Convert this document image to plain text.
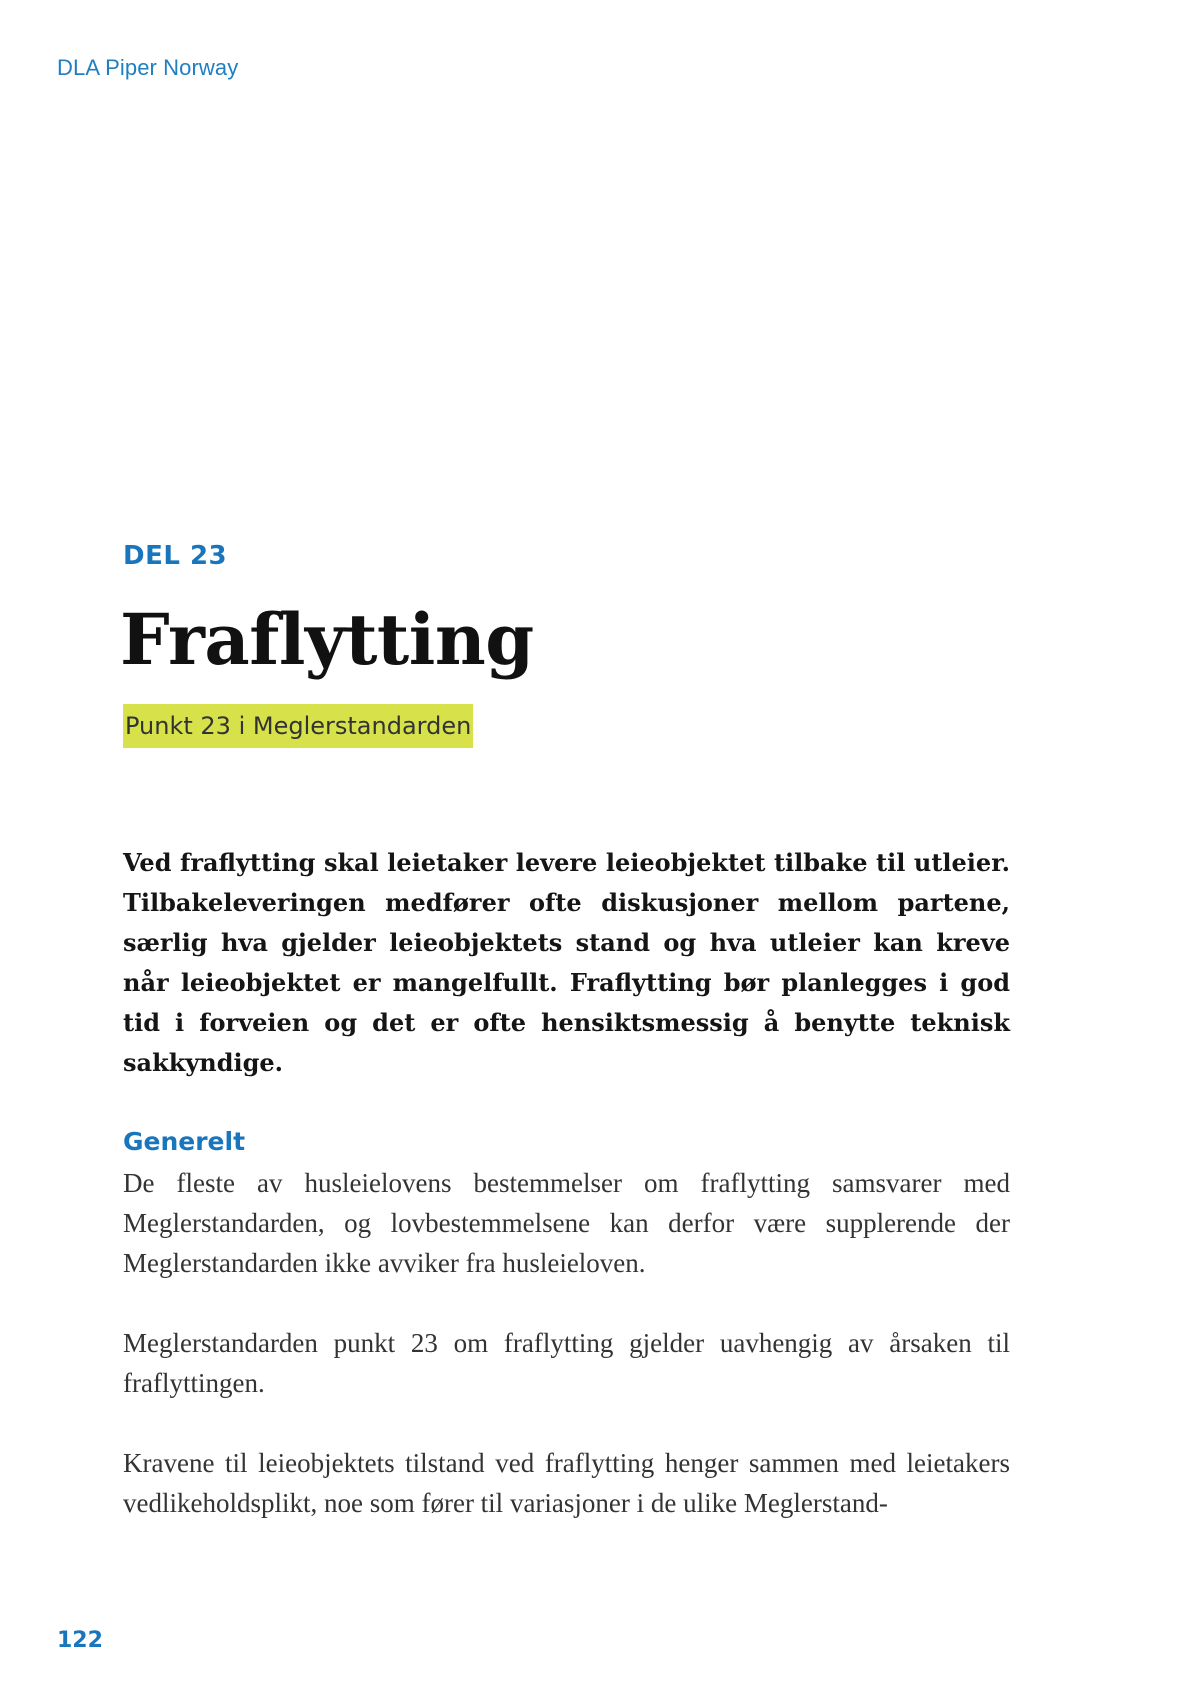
DLA Piper Norway
DEL 23
Fraflytting
Punkt 23 i Meglerstandarden

Ved fraflytting skal leietaker levere leieobjektet tilbake til utleier. Tilbakeleveringen medfører ofte diskusjoner mellom partene, særlig hva gjelder leieobjektets stand og hva utleier kan kreve når leieobjektet er mangelfullt. Fraflytting bør planlegges i god tid i forveien og det er ofte hensiktsmessig å benytte teknisk sakkyndige.

Generelt

De fleste av husleielovens bestemmelser om fraflytting samsvarer med Meglerstandarden, og lovbestemmelsene kan derfor være supplerende der Meglerstandarden ikke avviker fra husleieloven.

Meglerstandarden punkt 23 om fraflytting gjelder uavhengig av årsaken til fraflyttingen.

Kravene til leieobjektets tilstand ved fraflytting henger sammen med leietakers vedlikeholdsplikt, noe som fører til variasjoner i de ulike Meglerstand-

122
